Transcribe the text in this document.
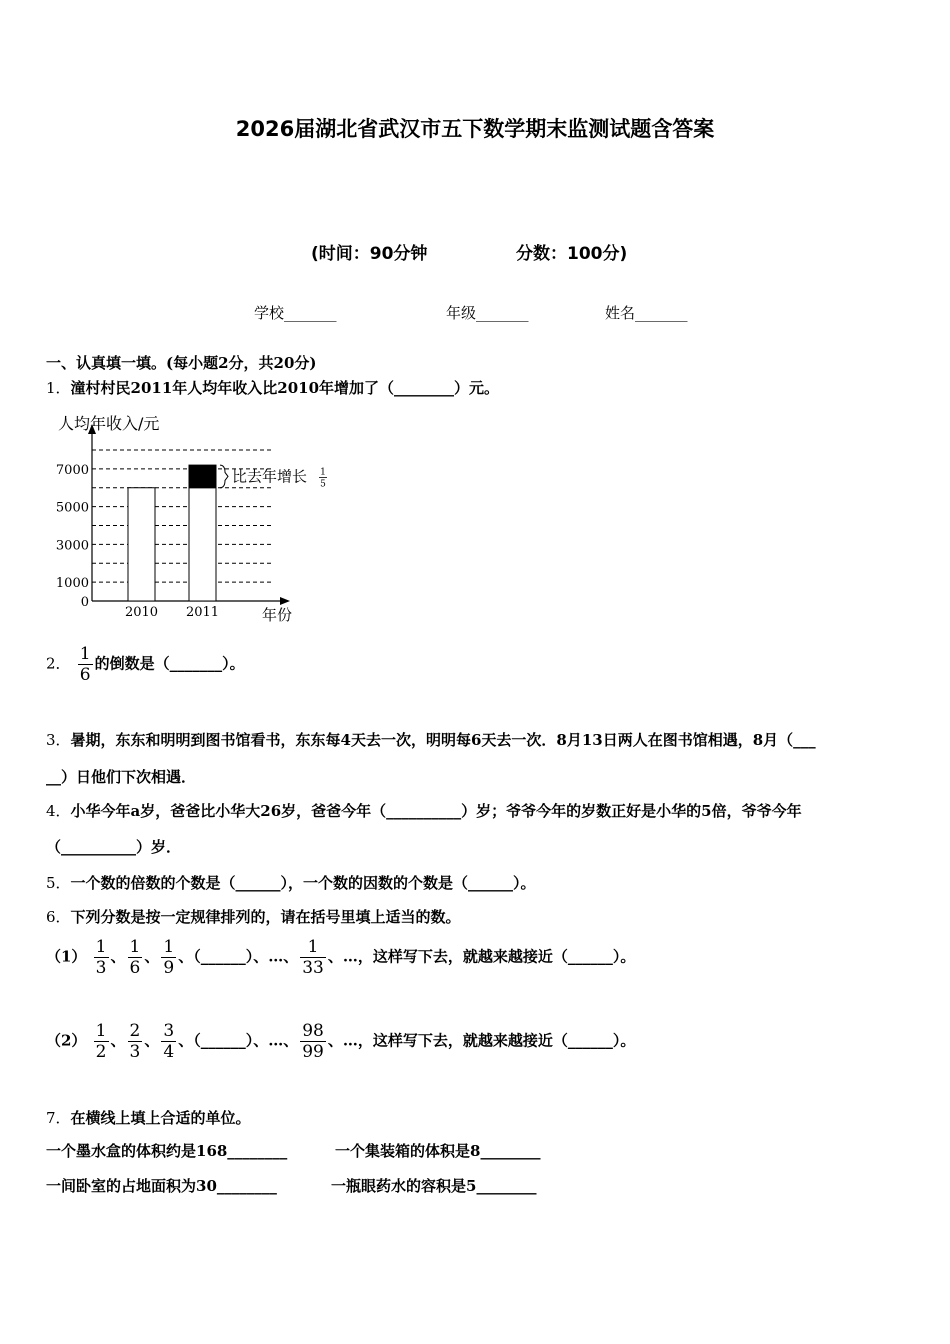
2026届湖北省武汉市五下数学期末监测试题含答案
(时间：90分钟	分数：100分)
学校_______	年级_______	姓名_______
一、认真填一填。(每小题2分，共20分)
1．潼村村民2011年人均年收入比2010年增加了（________）元。
人均年收入/元
年份
0
1000
3000
5000
7000
2010 2011
比去年增长 1
5
2． $\frac{1}{6}$ 的倒数是（_______）。
3．暑期，东东和明明到图书馆看书，东东每4天去一次，明明每6天去一次．8月13日两人在图书馆相遇，8月（___
__）日他们下次相遇．
4．小华今年a岁，爸爸比小华大26岁，爸爸今年（__________）岁；爷爷今年的岁数正好是小华的5倍，爷爷今年
（__________）岁．
5．一个数的倍数的个数是（______），一个数的因数的个数是（______）。
6．下列分数是按一定规律排列的，请在括号里填上适当的数。
$(1) \frac{1}{3}$ 、 $\frac{1}{6}$ 、 $\frac{1}{9}$ 、（______）、…、 $\frac{1}{33}$ 、…，这样写下去，就越来越接近（______）。
$(2) \frac{1}{2}$ 、 $\frac{2}{3}$ 、 $\frac{3}{4}$ 、（______）、…、 $\frac{98}{99}$ 、…，这样写下去，就越来越接近（______）。
7．在横线上填上合适的单位。
一个墨水盒的体积约是168________	一个集装箱的体积是8________
一间卧室的占地面积为30________	一瓶眼药水的容积是5________
